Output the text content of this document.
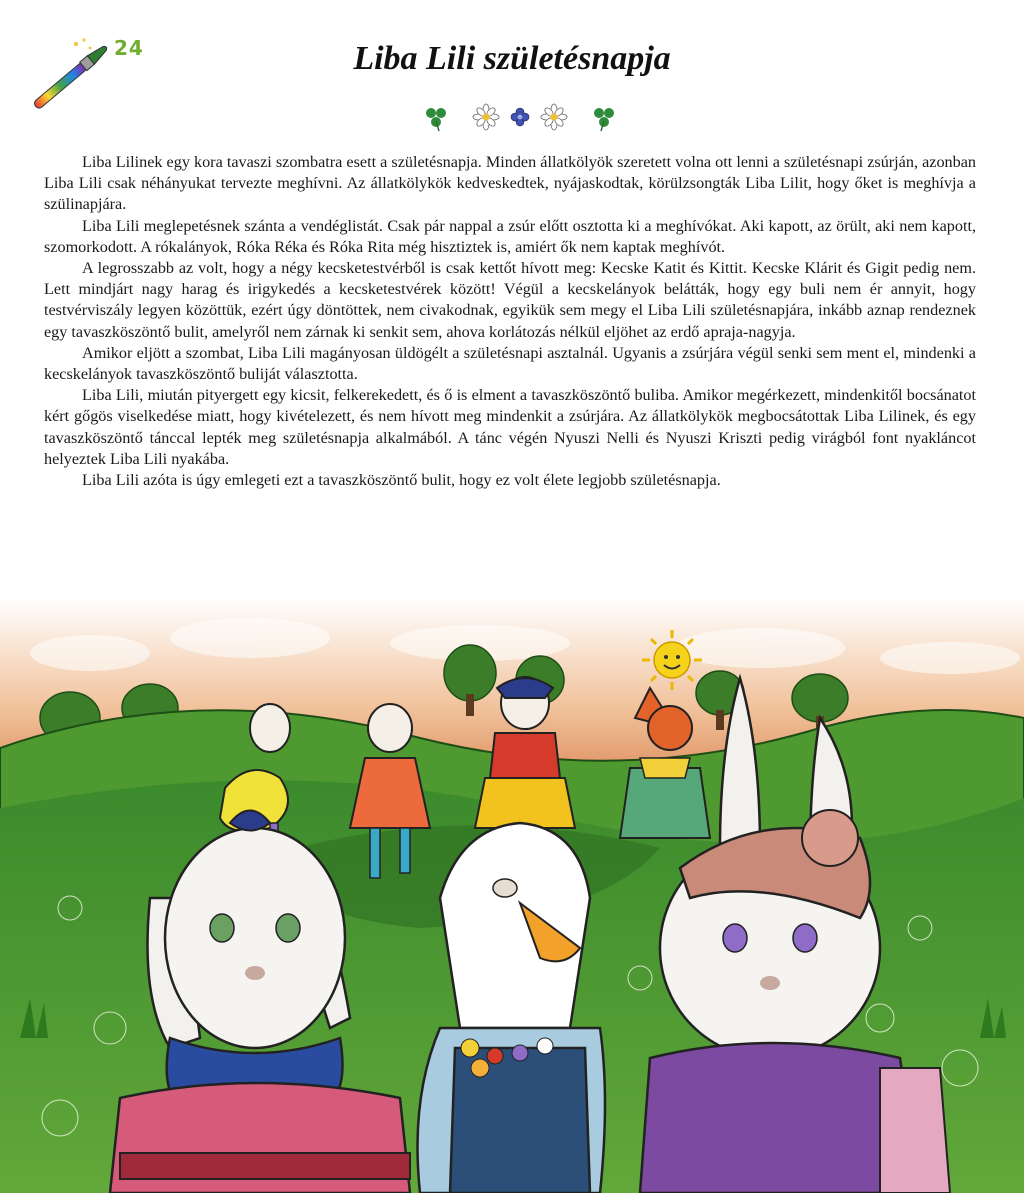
24	Liba Lili születésnapja

Liba Lilinek egy kora tavaszi szombatra esett a születésnapja. Minden állatkölyök szeretett volna ott lenni a születésnapi zsúrján, azonban Liba Lili csak néhányukat tervezte meghívni. Az állatkölykök kedveskedtek, nyájaskodtak, körülzsongták Liba Lilit, hogy őket is meghívja a szülinapjára.

Liba Lili meglepetésnek szánta a vendéglistát. Csak pár nappal a zsúr előtt osztotta ki a meghívókat. Aki kapott, az örült, aki nem kapott, szomorkodott. A rókalányok, Róka Réka és Róka Rita még hisztiztek is, amiért ők nem kaptak meghívót.

A legrosszabb az volt, hogy a négy kecsketestvérből is csak kettőt hívott meg: Kecske Katit és Kittit. Kecske Klárit és Gigit pedig nem. Lett mindjárt nagy harag és irigykedés a kecsketestvérek között! Végül a kecskelányok belátták, hogy egy buli nem ér annyit, hogy testvérviszály legyen közöttük, ezért úgy döntöttek, nem civakodnak, egyikük sem megy el Liba Lili születésnapjára, inkább aznap rendeznek egy tavaszköszöntő bulit, amelyről nem zárnak ki senkit sem, ahova korlátozás nélkül eljöhet az erdő apraja-nagyja.

Amikor eljött a szombat, Liba Lili magányosan üldögélt a születésnapi asztalnál. Ugyanis a zsúrjára végül senki sem ment el, mindenki a kecskelányok tavaszköszöntő buliját választotta.

Liba Lili, miután pityergett egy kicsit, felkerekedett, és ő is elment a tavaszköszöntő buliba. Amikor megérkezett, mindenkitől bocsánatot kért gőgös viselkedése miatt, hogy kivételezett, és nem hívott meg mindenkit a zsúrjára. Az állatkölykök megbocsátottak Liba Lilinek, és egy tavaszköszöntő tánccal lepték meg születésnapja alkalmából. A tánc végén Nyuszi Nelli és Nyuszi Kriszti pedig virágból font nyakláncot helyeztek Liba Lili nyakába.

Liba Lili azóta is úgy emlegeti ezt a tavaszköszöntő bulit, hogy ez volt élete legjobb születésnapja.
